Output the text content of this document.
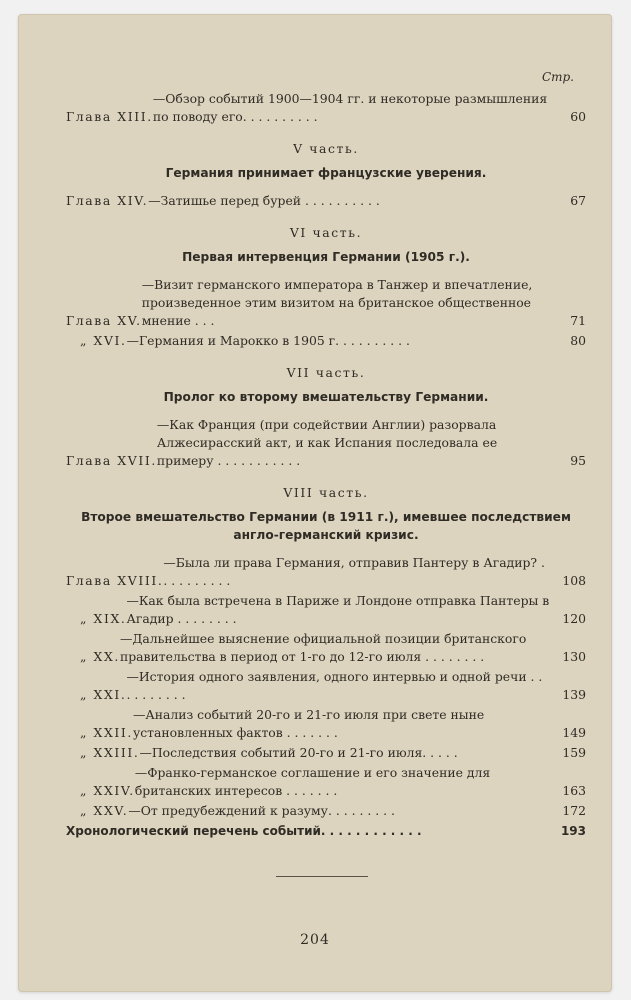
Стр.
Глава XIII.
—Обзор событий 1900—1904 гг. и некоторые размышления по поводу его. . . . . . . . . .	60
V часть.
Германия принимает французские уверения.
Глава XIV. —Затишье перед бурей . . . . . . . . . .	67
VI часть.
Первая интервенция Германии (1905 г.).
Глава XV.
—Визит германского императора в Танжер и впечатление, произведенное этим визитом на британское общественное мнение . . .	71
„ XVI. —Германия и Марокко в 1905 г. . . . . . . . . .	80
VII часть.
Пролог ко второму вмешательству Германии.
Глава XVII.
—Как Франция (при содействии Англии) разорвала Алжесирасский акт, и как Испания последовала ее примеру . . . . . . . . . . .	95
VIII часть.
Второе вмешательство Германии (в 1911 г.), имевшее последствием англо-германский кризис.
Глава XVIII.
—Была ли права Германия, отправив Пантеру в Агадир? . . . . . . . . . .	108
„ XIX.
—Как была встречена в Париже и Лондоне отправка Пантеры в Агадир . . . . . . . .	120
„ XX.
—Дальнейшее выяснение официальной позиции британского правительства в период от 1-го до 12-го июля . . . . . . . .	130
„ XXI.
—История одного заявления, одного интервью и одной речи . . . . . . . . . .	139
„ XXII.
—Анализ событий 20-го и 21-го июля при свете ныне установленных фактов . . . . . . .	149
„ XXIII. —Последствия событий 20-го и 21-го июля. . . . .	159
„ XXIV.
—Франко-германское соглашение и его значение для британских интересов . . . . . . .	163
„ XXV. —От предубеждений к разуму. . . . . . . . .	172
Хронологический перечень событий. . . . . . . . . . . .	193
204
